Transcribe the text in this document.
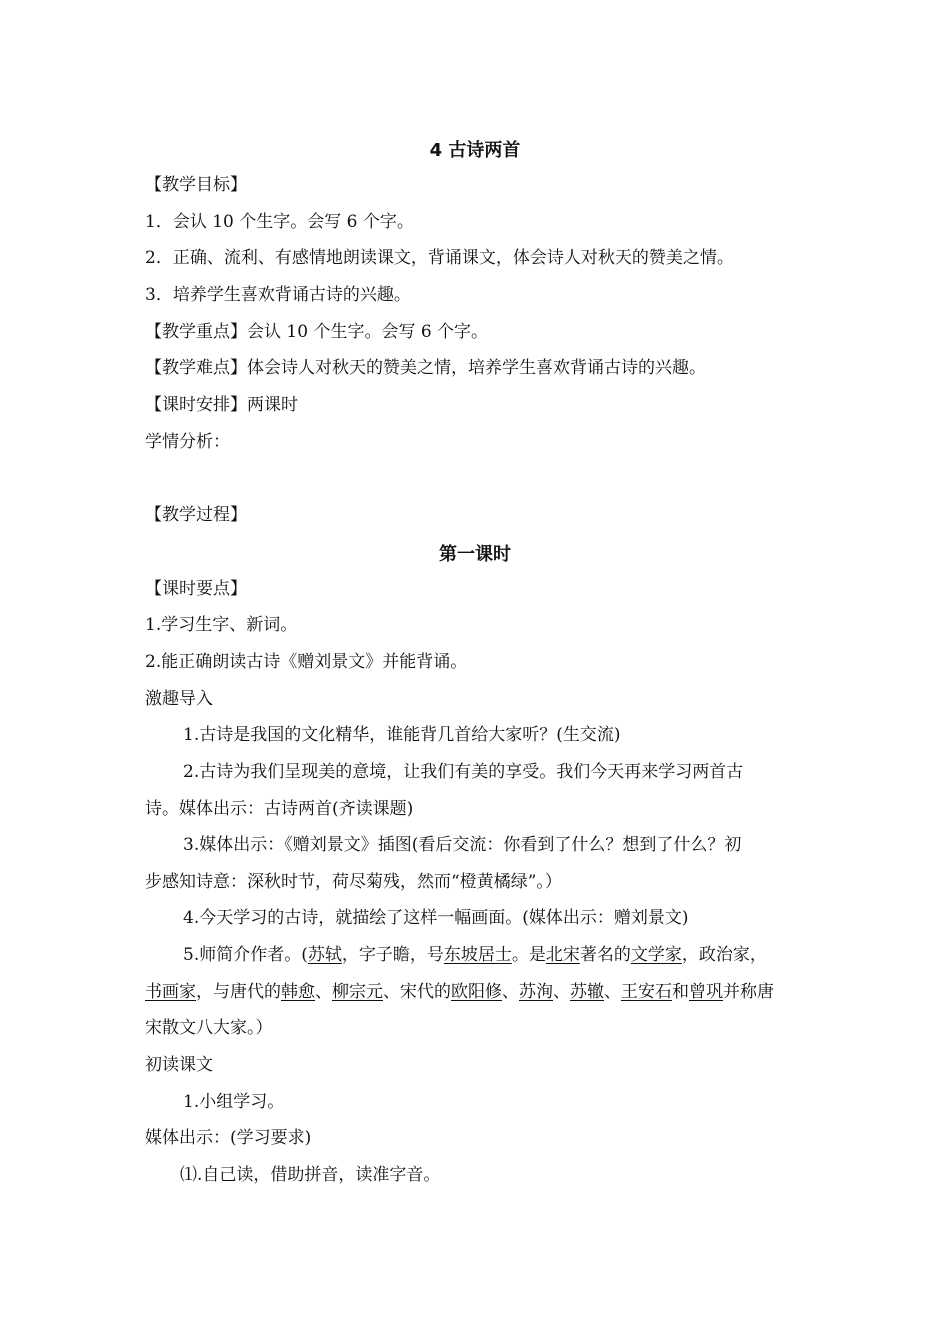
4 古诗两首
【教学目标】
1．会认 10 个生字。会写 6 个字。
2．正确、流利、有感情地朗读课文，背诵课文，体会诗人对秋天的赞美之情。
3．培养学生喜欢背诵古诗的兴趣。
【教学重点】会认 10 个生字。会写 6 个字。
【教学难点】体会诗人对秋天的赞美之情，培养学生喜欢背诵古诗的兴趣。
【课时安排】两课时
学情分析：
【教学过程】
第一课时
【课时要点】
1.学习生字、新词。
2.能正确朗读古诗《赠刘景文》并能背诵。
激趣导入
1.古诗是我国的文化精华，谁能背几首给大家听？(生交流)
2.古诗为我们呈现美的意境，让我们有美的享受。我们今天再来学习两首古
诗。媒体出示：古诗两首(齐读课题)
3.媒体出示：《赠刘景文》插图(看后交流：你看到了什么？想到了什么？初
步感知诗意：深秋时节，荷尽菊残，然而“橙黄橘绿”。）
4.今天学习的古诗，就描绘了这样一幅画面。(媒体出示：赠刘景文)
5.师简介作者。(苏轼，字子瞻，号东坡居士。是北宋著名的文学家，政治家，
书画家，与唐代的韩愈、柳宗元、宋代的欧阳修、苏洵、苏辙、王安石和曾巩并称唐
宋散文八大家。）
初读课文
1.小组学习。
媒体出示：(学习要求)
⑴.自己读，借助拼音，读准字音。
